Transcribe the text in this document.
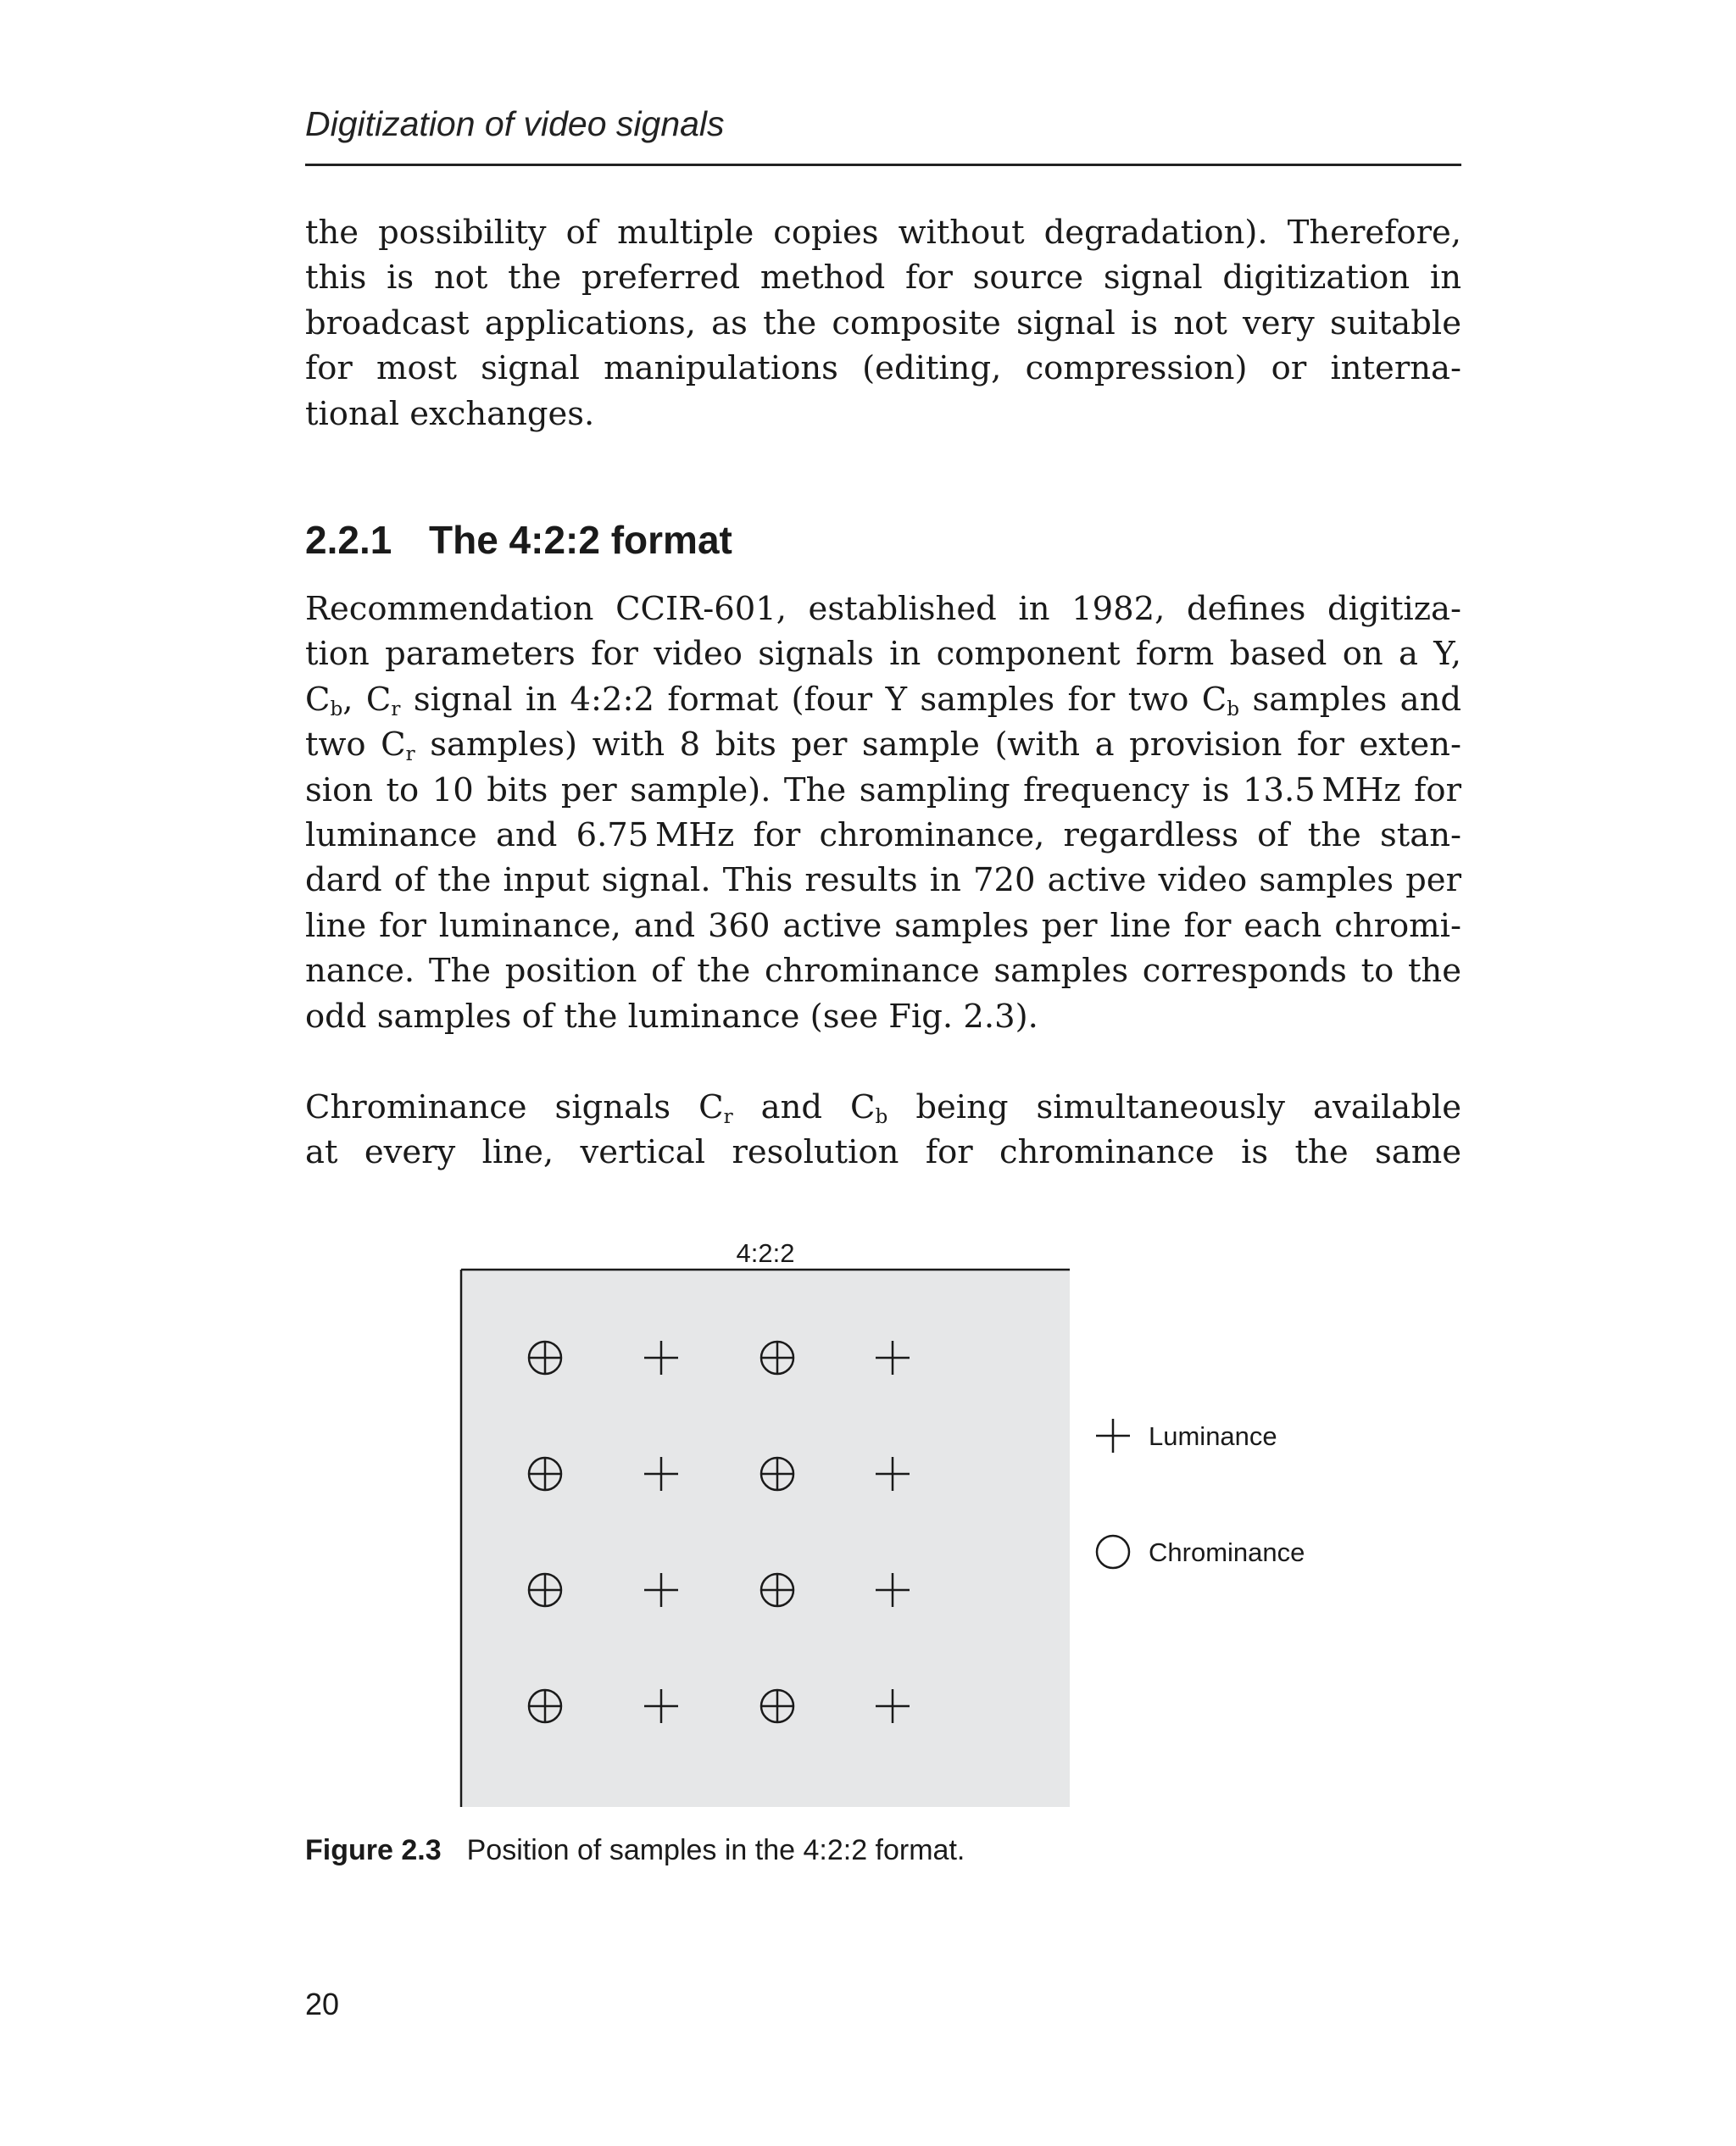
Digitization of video signals
the possibility of multiple copies without degradation). Therefore,
this is not the preferred method for source signal digitization in
broadcast applications, as the composite signal is not very suitable
for most signal manipulations (editing, compression) or interna-
tional exchanges.
2.2.1 The 4:2:2 format
Recommendation CCIR-601, established in 1982, defines digitiza-
tion parameters for video signals in component form based on a Y,
$C_b$, $C_r$ signal in 4:2:2 format (four Y samples for two $C_b$ samples and
two $C_r$ samples) with 8 bits per sample (with a provision for exten-
sion to 10 bits per sample). The sampling frequency is 13.5 MHz for
luminance and 6.75 MHz for chrominance, regardless of the stan-
dard of the input signal. This results in 720 active video samples per
line for luminance, and 360 active samples per line for each chromi-
nance. The position of the chrominance samples corresponds to the
odd samples of the luminance (see Fig. 2.3).
Chrominance signals $C_r$ and $C_b$ being simultaneously available
at every line, vertical resolution for chrominance is the same
4:2:2
Luminance
Chrominance
Figure 2.3 Position of samples in the 4:2:2 format.
20
